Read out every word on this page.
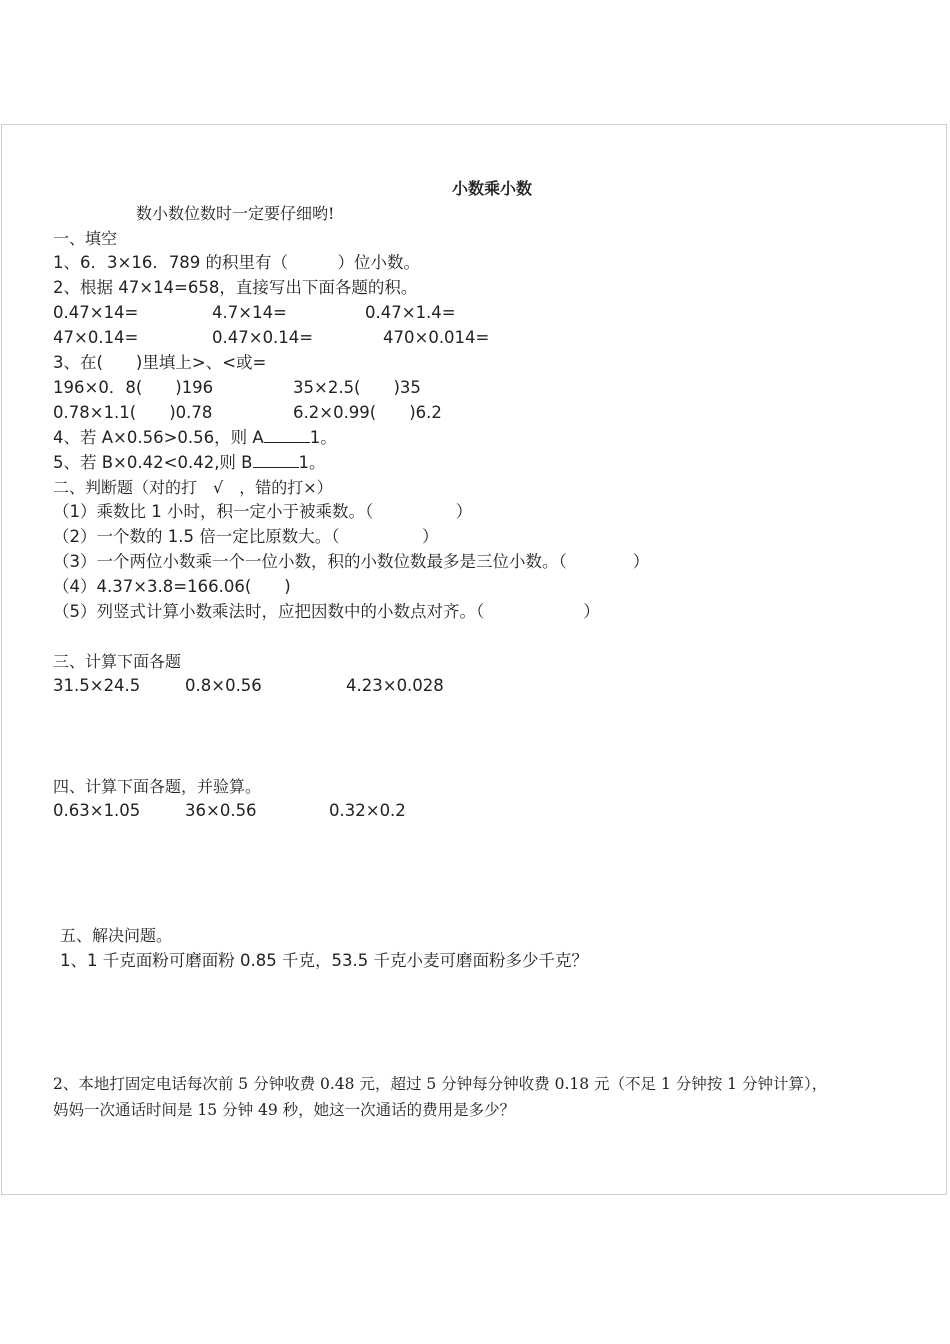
小数乘小数
数小数位数时一定要仔细哟!
一、填空
1、6．3×16．789 的积里有（　　　）位小数。
2、根据 47×14=658，直接写出下面各题的积。
0.47×14=	4.7×14=	0.47×1.4=
47×0.14=	0.47×0.14=	470×0.014=
3、在(　　)里填上>、<或=
196×0．8(　　)196	35×2.5(　　)35
0.78×1.1(　　)0.78	6.2×0.99(　　)6.2
4、若 A×0.56>0.56，则 A	1。
5、若 B×0.42<0.42,则 B	1。
二、判断题（对的打　√　，错的打×）
（1）乘数比 1 小时，积一定小于被乘数。（　　　　　）
（2）一个数的 1.5 倍一定比原数大。（　　　　　）
（3）一个两位小数乘一个一位小数，积的小数位数最多是三位小数。（　　　　）
（4）4.37×3.8=166.06(　　)
（5）列竖式计算小数乘法时，应把因数中的小数点对齐。（　　　　　　）
三、计算下面各题
31.5×24.5	0.8×0.56	4.23×0.028
四、计算下面各题，并验算。
0.63×1.05	36×0.56	0.32×0.2
五、解决问题。
1、1 千克面粉可磨面粉 0.85 千克，53.5 千克小麦可磨面粉多少千克？
2、本地打固定电话每次前 5 分钟收费 0.48 元，超过 5 分钟每分钟收费 0.18 元（不足 1 分钟按 1 分钟计算），
妈妈一次通话时间是 15 分钟 49 秒，她这一次通话的费用是多少？
